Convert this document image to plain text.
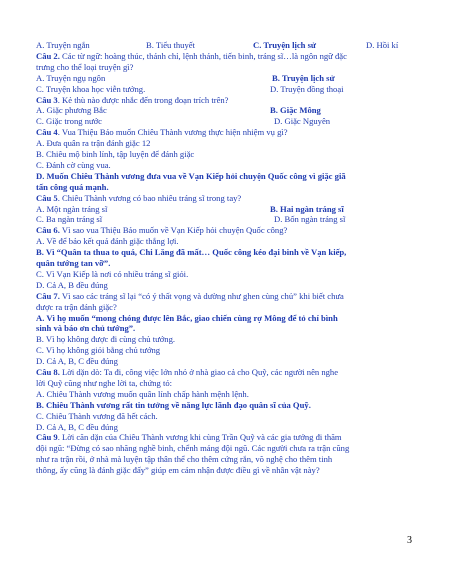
A. Truyện ngắn	B. Tiểu thuyết	C. Truyện lịch sử	D. Hồi kí
Câu 2. Các từ ngữ: hoàng thúc, thánh chỉ, lệnh thánh, tiến binh, tráng sĩ…là ngôn ngữ đặc
trưng cho thể loại truyện gì?
A. Truyện ngụ ngôn	B. Truyện lịch sử
C. Truyện khoa học viễn tưởng.	D. Truyện đồng thoại
Câu 3. Kẻ thù nào được nhắc đến trong đoạn trích trên?
A. Giặc phương Bắc	B. Giặc Mông
C. Giặc trong nước	D. Giặc Nguyên
Câu 4. Vua Thiệu Bảo muốn Chiêu Thành vương thực hiện nhiệm vụ gì?
A. Đưa quân ra trận đánh giặc 12
B. Chiêu mộ binh lính, tập luyện để đánh giặc
C. Đánh cờ cùng vua.
D. Muốn Chiêu Thành vương đưa vua về Vạn Kiếp hỏi chuyện Quốc công vì giặc giã
tấn công quá mạnh.
Câu 5. Chiêu Thành vương có bao nhiêu tráng sĩ trong tay?
A. Một ngàn tráng sĩ	B. Hai ngàn tráng sĩ
C. Ba ngàn tráng sĩ	D. Bốn ngàn tráng sĩ
Câu 6. Vì sao vua Thiệu Bảo muốn về Vạn Kiếp hỏi chuyện Quốc công?
A. Về để bảo kết quả đánh giặc thắng lợi.
B. Vì “Quân ta thua to quá, Chi Lăng đã mất… Quốc công kéo đại binh về Vạn kiếp,
quân tướng tan vỡ”.
C. Vì Vạn Kiếp là nơi có nhiều tráng sĩ giỏi.
D. Cả A, B đều đúng
Câu 7. Vì sao các tráng sĩ lại “có ý thất vọng và dường như ghen cùng chủ” khi biết chưa
được ra trận đánh giặc?
A. Vì họ muốn “mong chóng được lên Bắc, giao chiến cùng rợ Mông để tỏ chí bình
sinh và báo ơn chủ tướng”.
B. Vì họ không được đi cùng chủ tướng.
C. Vì họ không giỏi bằng chủ tướng
D. Cả A, B, C đều đúng
Câu 8. Lời dặn dò: Ta đi, công việc lớn nhỏ ở nhà giao cả cho Quỹ, các người nên nghe
lời Quỹ cũng như nghe lời ta, chứng tỏ:
A. Chiêu Thành vương muốn quân lính chấp hành mệnh lệnh.
B. Chiêu Thành vương rất tin tưởng về năng lực lãnh đạo quân sĩ của Quỹ.
C. Chiêu Thành vương đã hết cách.
D. Cả A, B, C đều đúng
Câu 9. Lời căn dặn của Chiêu Thành vương khi cùng Trần Quỹ và các gia tướng đi thăm
đội ngũ: “Đừng có sao nhãng nghề binh, chểnh mảng đội ngũ. Các người chưa ra trận cũng
như ra trận rồi, ở nhà mà luyện tập thân thể cho thêm cứng rắn, võ nghệ cho thêm tinh
thông, ấy cũng là đánh giặc đấy” giúp em cảm nhận được điều gì về nhân vật này?
3
